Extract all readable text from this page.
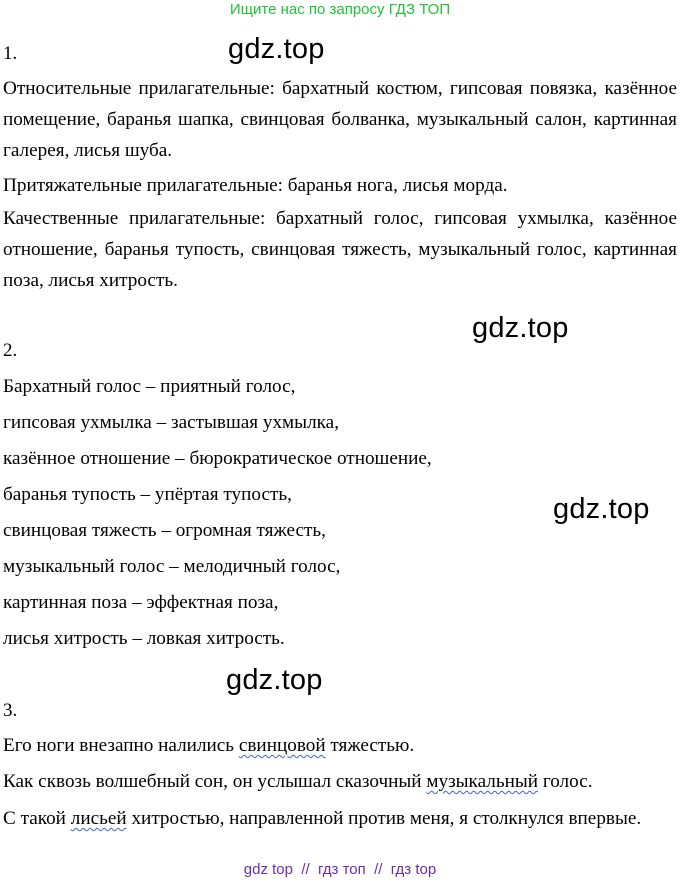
Ищите нас по запросу ГДЗ ТОП
gdz.top
gdz.top
gdz.top
gdz.top
1.
Относительные прилагательные: бархатный костюм, гипсовая повязка, казённое помещение, баранья шапка, свинцовая болванка, музыкальный салон, картинная галерея, лисья шуба.
Притяжательные прилагательные: баранья нога, лисья морда.
Качественные прилагательные: бархатный голос, гипсовая ухмылка, казённое отношение, баранья тупость, свинцовая тяжесть, музыкальный голос, картинная поза, лисья хитрость.
2.
Бархатный голос – приятный голос,
гипсовая ухмылка – застывшая ухмылка,
казённое отношение – бюрократическое отношение,
баранья тупость – упёртая тупость,
свинцовая тяжесть – огромная тяжесть,
музыкальный голос – мелодичный голос,
картинная поза – эффектная поза,
лисья хитрость – ловкая хитрость.
3.
Его ноги внезапно налились свинцовой тяжестью.
Как сквозь волшебный сон, он услышал сказочный музыкальный голос.
С такой лисьей хитростью, направленной против меня, я столкнулся впервые.
gdz top  //  гдз топ  //  гдз top
